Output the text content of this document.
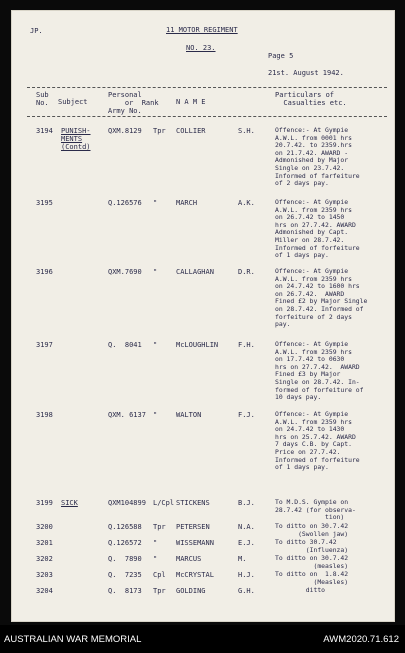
JP.	11 MOTOR REGIMENT
NO. 23.
Page 5
21st. August 1942.
Sub
No. Subject
Personal
or  Rank
Army No.
N A M E
Particulars of
Casualties etc.
3194 PUNISH-
MENTS
(Contd)
QXM.8129 Tpr COLLIER	S.H.	Offence:- At Gympie
A.W.L. from 0001 hrs
20.7.42. to 2359.hrs
on 21.7.42. AWARD -
Admonished by Major
Single on 23.7.42.
Informed of farfeiture
of 2 days pay.
3195	Q.126576 "	MARCH	A.K.	Offence:- At Gympie
A.W.L. from 2359 hrs
on 26.7.42 to 1450
hrs on 27.7.42. AWARD
Admonished by Capt.
Miller on 28.7.42.
Informed of forfeiture
of 1 days pay.
3196	QXM.7690 "	CALLAGHAN	D.R.	Offence:- At Gympie
A.W.L. from 2359 hrs
on 24.7.42 to 1600 hrs
on 26.7.42.  AWARD
Fined £2 by Major Single
on 28.7.42. Informed of
forfeiture of 2 days
pay.
3197	Q.  8041 "	McLOUGHLIN	F.H.	Offence:- At Gympie
A.W.L. from 2359 hrs
on 17.7.42 to 0630
hrs on 27.7.42.  AWARD
Fined £3 by Major
Single on 28.7.42. In-
formed of forfeiture of
10 days pay.
3198	QXM. 6137 "	WALTON	F.J.	Offence:- At Gympie
A.W.L. from 2359 hrs
on 24.7.42 to 1430
hrs on 25.7.42. AWARD
7 days C.B. by Capt.
Price on 27.7.42.
Informed of forfeiture
of 1 days pay.
3199 SICK	QXM104899 L/Cpl STICKENS	B.J.	To M.D.S. Gympie on
28.7.42 (for observa-
tion)
3200	Q.126588 Tpr PETERSEN	N.A.	To ditto on 30.7.42
(Swollen jaw)
3201	Q.126572 "	WISSEMANN	E.J.	To ditto 30.7.42
(Influenza)
3202	Q.  7890 "	MARCUS	M.	To ditto on 30.7.42
(measles)
3203	Q.  7235 Cpl McCRYSTAL	H.J.	To ditto on  1.8.42
(Measles)
3204	Q.  8173 Tpr GOLDING	G.H.	ditto
AUSTRALIAN WAR MEMORIAL	AWM2020.71.612
